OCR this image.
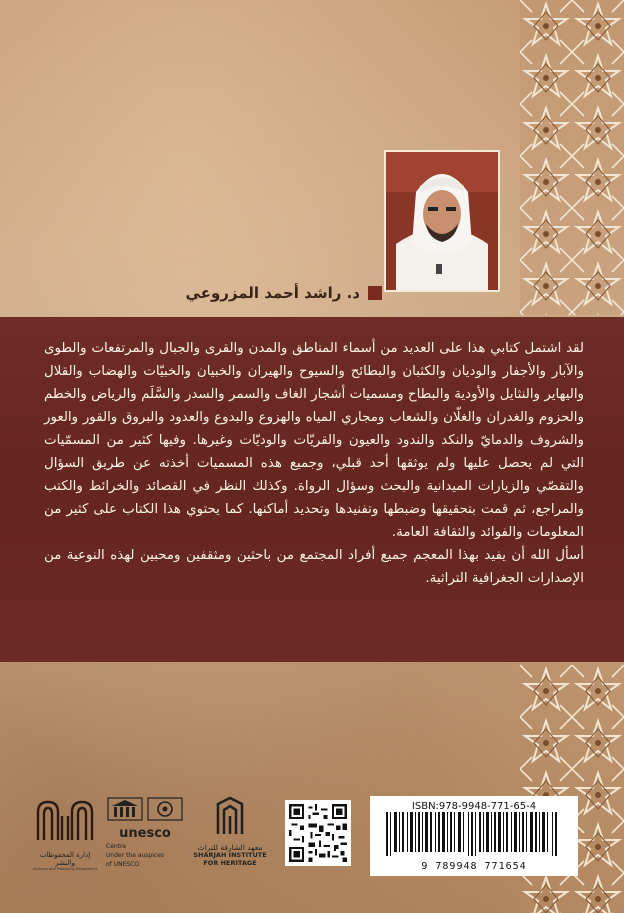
د. راشد أحمد المزروعي

لقد اشتمل كتابي هذا على العديد من أسماء المناطق والمدن والقرى والجبال والمرتفعات والطوى والآبار والأجفار والوديان والكثبان والبطائح والسيوح والهيران والخبيان والخبيّات والهضاب والقلال واليهاير والنثايل والأودية والبطاح ومسميات أشجار الغاف والسمر والسدر والسَّلَم والرياض والخطم والحزوم والغدران والغلّان والشعاب ومجاري المياه والهزوع والبدوع والعدود والبروق والقور والعور والشروف والدمايّ والنكد والندود والعيون والقريّات والوديّات وغيرها. وفيها كثير من المسمّيات التي لم يحصل عليها ولم يوثقها أحد قبلي، وجميع هذه المسميات أخذته عن طريق السؤال والتقصّي والزيارات الميدانية والبحث وسؤال الرواة. وكذلك النظر في القصائد والخرائط والكتب والمراجع، ثم قمت بتحقيقها وضبطها وتفنيدها وتحديد أماكنها. كما يحتوي هذا الكتاب على كثير من المعلومات والفوائد والثقافة العامة.

أسأل الله أن يفيد بهذا المعجم جميع أفراد المجتمع من باحثين ومثقفين ومحبين لهذه النوعية من الإصدارات الجغرافية التراثية.

إدارة المحفوظات والنشر
Archives and Publishing Department
unesco
Centre
Under the auspices
of UNESCO
معهد الشارقة للتراث
SHARJAH INSTITUTE
FOR HERITAGE
ISBN:978-9948-771-65-4
9 789948 771654
